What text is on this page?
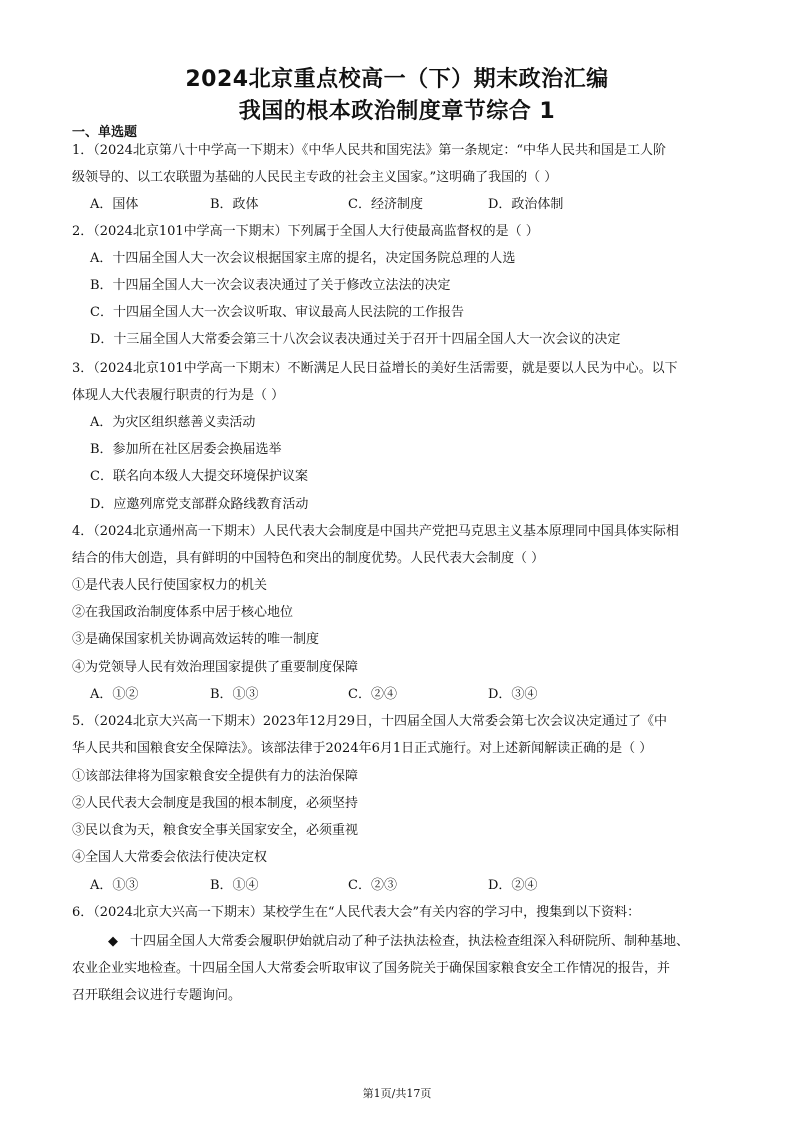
2024北京重点校高一（下）期末政治汇编
我国的根本政治制度章节综合 1
一、单选题
1．（2024北京第八十中学高一下期末）《中华人民共和国宪法》第一条规定：“中华人民共和国是工人阶
级领导的、以工农联盟为基础的人民民主专政的社会主义国家。”这明确了我国的（ ）
A．国体	B．政体	C．经济制度	D．政治体制
2．（2024北京101中学高一下期末）下列属于全国人大行使最高监督权的是（ ）
A．十四届全国人大一次会议根据国家主席的提名，决定国务院总理的人选
B．十四届全国人大一次会议表决通过了关于修改立法法的决定
C．十四届全国人大一次会议听取、审议最高人民法院的工作报告
D．十三届全国人大常委会第三十八次会议表决通过关于召开十四届全国人大一次会议的决定
3．（2024北京101中学高一下期末）不断满足人民日益增长的美好生活需要，就是要以人民为中心。以下
体现人大代表履行职责的行为是（ ）
A．为灾区组织慈善义卖活动
B．参加所在社区居委会换届选举
C．联名向本级人大提交环境保护议案
D．应邀列席党支部群众路线教育活动
4．（2024北京通州高一下期末）人民代表大会制度是中国共产党把马克思主义基本原理同中国具体实际相
结合的伟大创造，具有鲜明的中国特色和突出的制度优势。人民代表大会制度（ ）
①是代表人民行使国家权力的机关
②在我国政治制度体系中居于核心地位
③是确保国家机关协调高效运转的唯一制度
④为党领导人民有效治理国家提供了重要制度保障
A．①②	B．①③	C．②④	D．③④
5．（2024北京大兴高一下期末）2023年12月29日，十四届全国人大常委会第七次会议决定通过了《中
华人民共和国粮食安全保障法》。该部法律于2024年6月1日正式施行。对上述新闻解读正确的是（ ）
①该部法律将为国家粮食安全提供有力的法治保障
②人民代表大会制度是我国的根本制度，必须坚持
③民以食为天，粮食安全事关国家安全，必须重视
④全国人大常委会依法行使决定权
A．①③	B．①④	C．②③	D．②④
6．（2024北京大兴高一下期末）某校学生在“人民代表大会”有关内容的学习中，搜集到以下资料：
◆ 十四届全国人大常委会履职伊始就启动了种子法执法检查，执法检查组深入科研院所、制种基地、
农业企业实地检查。十四届全国人大常委会听取审议了国务院关于确保国家粮食安全工作情况的报告，并
召开联组会议进行专题询问。
第1页/共17页
